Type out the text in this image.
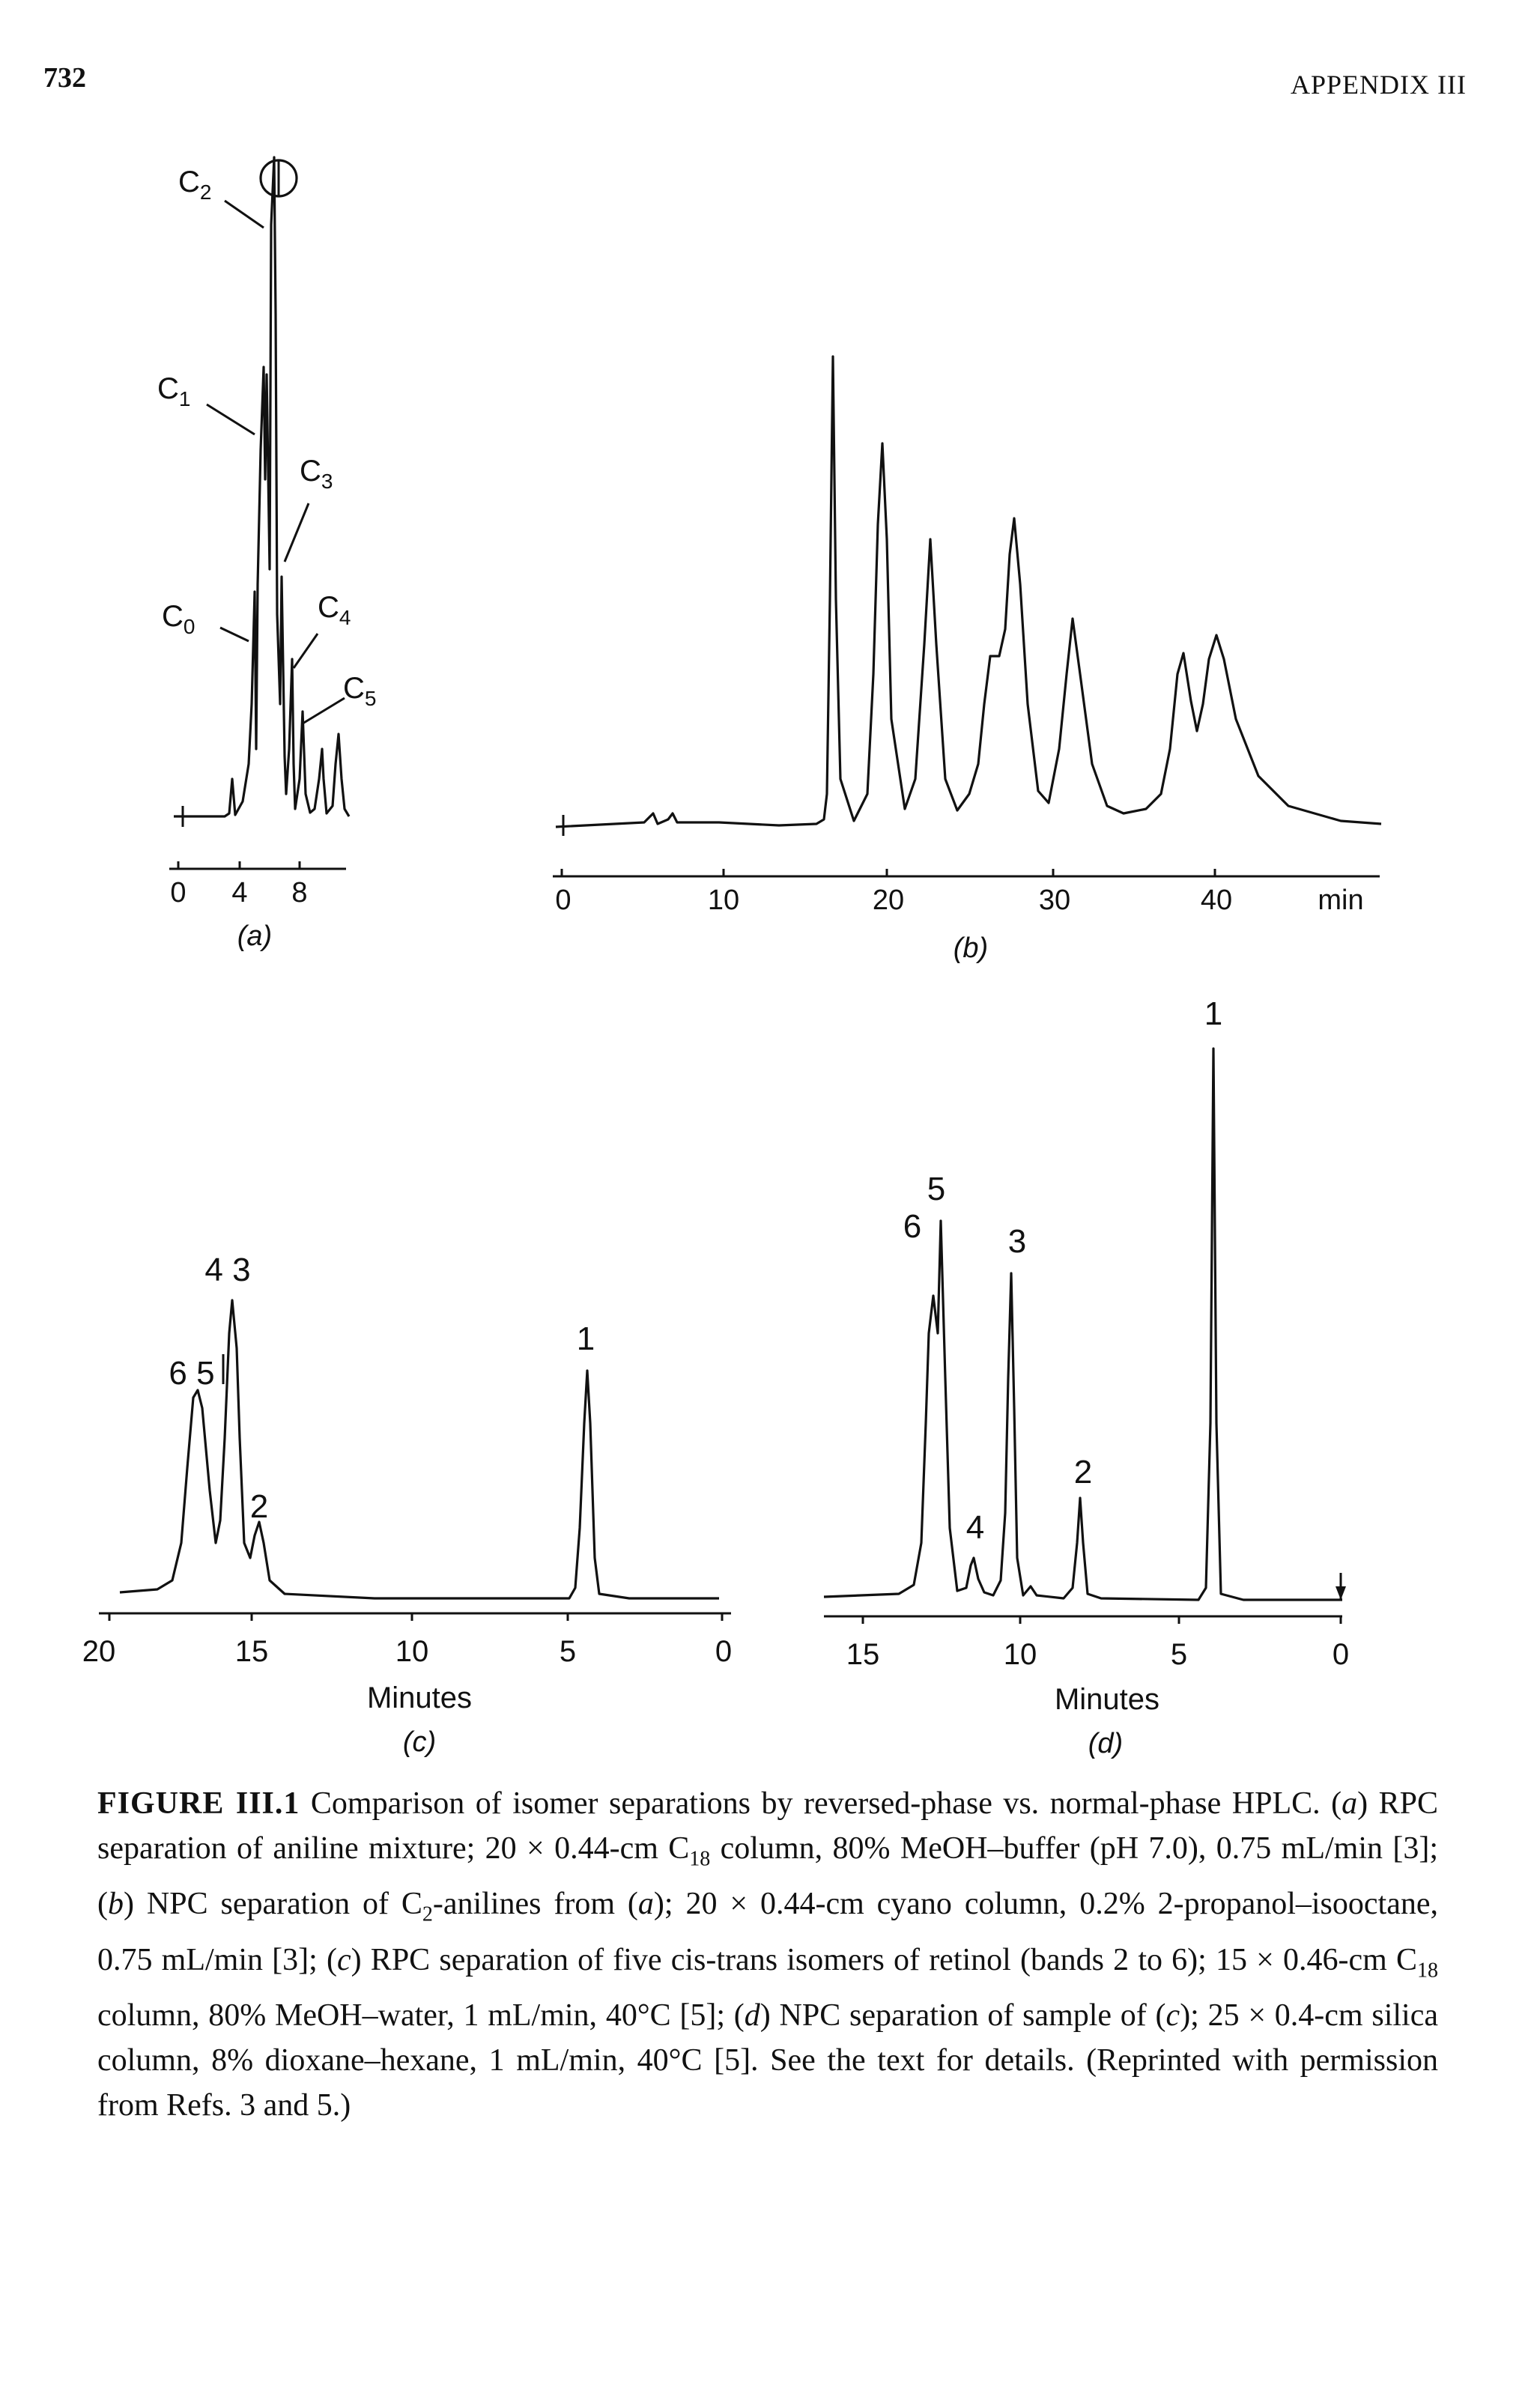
732	APPENDIX III
0 4 8
(a)
$C_2$
$C_1$
$C_3$
$C_0$
$C_4$
$C_5$
0	10	20	30	40	min
(b)
20	15	10	5	0
Minutes
(c)
4 3
6 5
2
1
15	10	5	0
Minutes
(d)
1
5
6	3
2
4
FIGURE III.1 Comparison of isomer separations by reversed-phase vs. normal-phase HPLC. (a) RPC separation of aniline mixture; 20 × 0.44-cm $C_{18}$ column, 80% MeOH–buffer (pH 7.0), 0.75 mL/min [3]; (b) NPC separation of $C_2$-anilines from (a); 20 × 0.44-cm cyano column, 0.2% 2-propanol–isooctane, 0.75 mL/min [3]; (c) RPC separation of five cis-trans isomers of retinol (bands 2 to 6); 15 × 0.46-cm $C_{18}$ column, 80% MeOH–water, 1 mL/min, 40°C [5]; (d) NPC separation of sample of (c); 25 × 0.4-cm silica column, 8% dioxane–hexane, 1 mL/min, 40°C [5]. See the text for details. (Reprinted with permission from Refs. 3 and 5.)
